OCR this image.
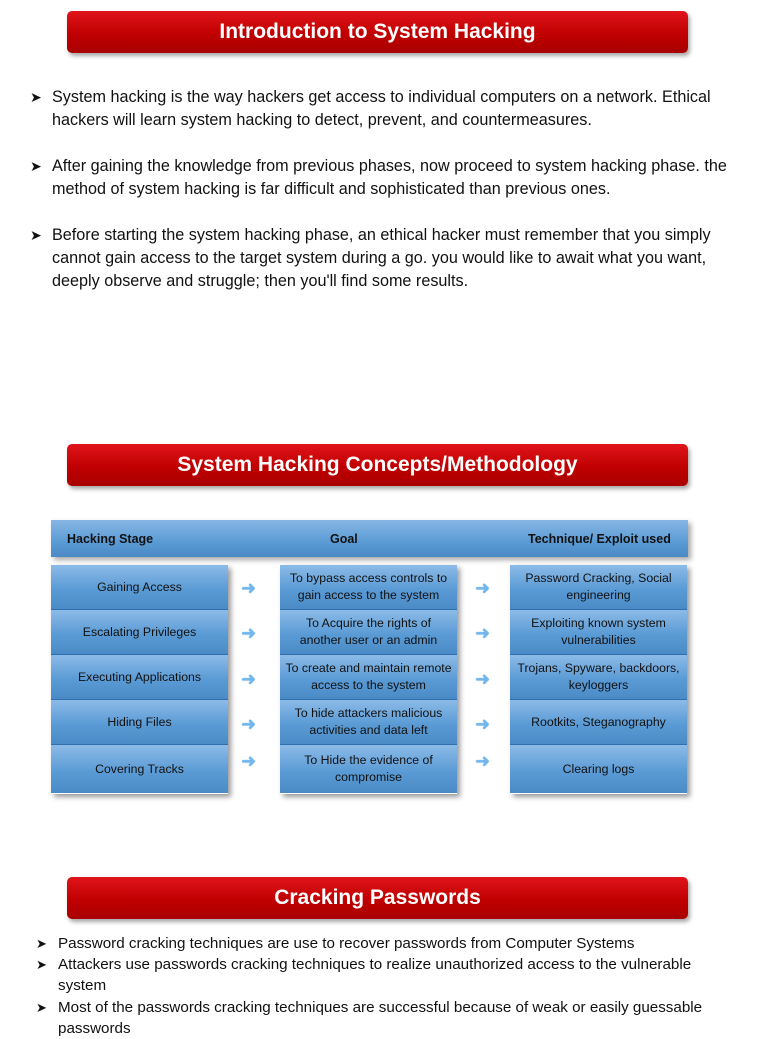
Introduction to System Hacking
➤ System hacking is the way hackers get access to individual computers on a network. Ethical hackers will learn system hacking to detect, prevent, and countermeasures.
➤ After gaining the knowledge from previous phases, now proceed to system hacking phase. the method of system hacking is far difficult and sophisticated than previous ones.
➤ Before starting the system hacking phase, an ethical hacker must remember that you simply cannot gain access to the target system during a go. you would like to await what you want, deeply observe and struggle; then you'll find some results.
System Hacking Concepts/Methodology
Hacking Stage	Goal	Technique/ Exploit used
Gaining Access
Escalating Privileges
Executing Applications
Hiding Files
Covering Tracks
To bypass access controls to gain access to the system
To Acquire the rights of another user or an admin
To create and maintain remote access to the system
To hide attackers malicious activities and data left
To Hide the evidence of compromise
Password Cracking, Social engineering
Exploiting known system vulnerabilities
Trojans, Spyware, backdoors, keyloggers
Rootkits, Steganography
Clearing logs
➜
➜
➜
➜
➜
➜
➜
➜
➜
➜
Cracking Passwords
➤ Password cracking techniques are use to recover passwords from Computer Systems
➤ Attackers use passwords cracking techniques to realize unauthorized access to the vulnerable system
➤ Most of the passwords cracking techniques are successful because of weak or easily guessable passwords
